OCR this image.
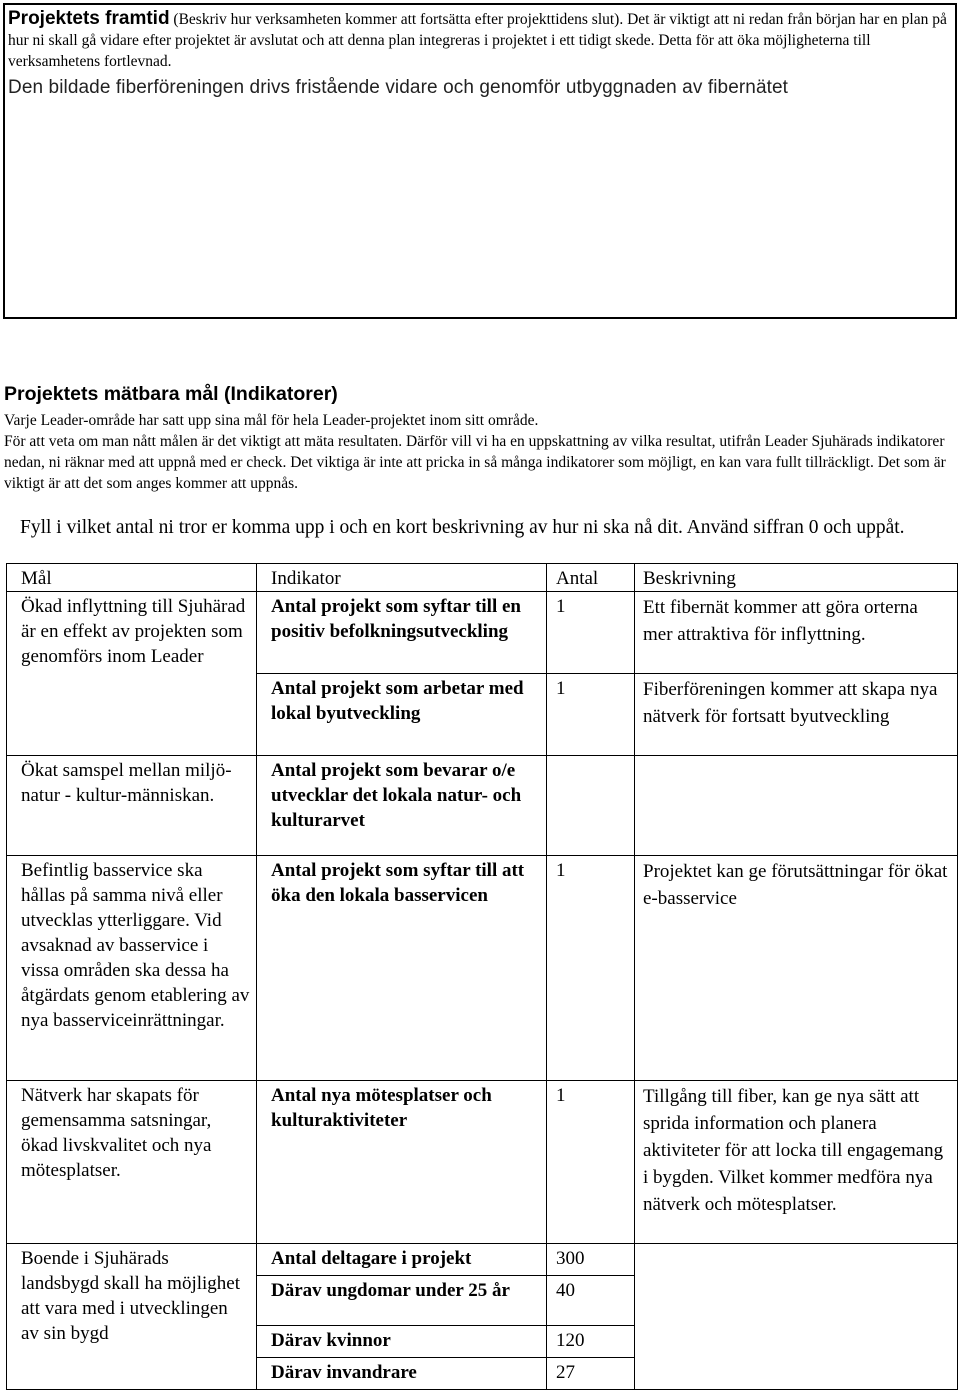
Projektets framtid (Beskriv hur verksamheten kommer att fortsätta efter projekttidens slut). Det är viktigt att ni redan från början har en plan på hur ni skall gå vidare efter projektet är avslutat och att denna plan integreras i projektet i ett tidigt skede. Detta för att öka möjligheterna till verksamhetens fortlevnad.
Den bildade fiberföreningen drivs fristående vidare och genomför utbyggnaden av fibernätet
Projektets mätbara mål (Indikatorer)

Varje Leader-område har satt upp sina mål för hela Leader-projektet inom sitt område.

För att veta om man nått målen är det viktigt att mäta resultaten. Därför vill vi ha en uppskattning av vilka resultat, utifrån Leader Sjuhärads indikatorer nedan, ni räknar med att uppnå med er check. Det viktiga är inte att pricka in så många indikatorer som möjligt, en kan vara fullt tillräckligt. Det som är viktigt är att det som anges kommer att uppnås.

Fyll i vilket antal ni tror er komma upp i och en kort beskrivning av hur ni ska nå dit. Använd siffran 0 och uppåt.
Mål	Indikator	Antal	Beskrivning

Ökad inflyttning till Sjuhärad är en effekt av projekten som genomförs inom Leader	Antal projekt som syftar till en positiv befolkningsutveckling	1	Ett fibernät kommer att göra orterna mer attraktiva för inflyttning.

	Antal projekt som arbetar med lokal byutveckling	1	Fiberföreningen kommer att skapa nya nätverk för fortsatt byutveckling

Ökat samspel mellan miljö- natur - kultur-människan.	Antal projekt som bevarar o/e utvecklar det lokala natur- och kulturarvet		

Befintlig basservice ska hållas på samma nivå eller utvecklas ytterliggare. Vid avsaknad av basservice i vissa områden ska dessa ha åtgärdats genom etablering av nya basserviceinrättningar.	Antal projekt som syftar till att öka den lokala basservicen	1	Projektet kan ge förutsättningar för ökat e-basservice

Nätverk har skapats för gemensamma satsningar, ökad livskvalitet och nya mötesplatser.	Antal nya mötesplatser och kulturaktiviteter	1	Tillgång till fiber, kan ge nya sätt att sprida information och planera aktiviteter för att locka till engagemang i bygden. Vilket kommer medföra nya nätverk och mötesplatser.

Boende i Sjuhärads landsbygd skall ha möjlighet att vara med i utvecklingen av sin bygd	Antal deltagare i projekt	300	

	Därav ungdomar under 25 år	40	

	Därav kvinnor	120	

	Därav invandrare	27	
